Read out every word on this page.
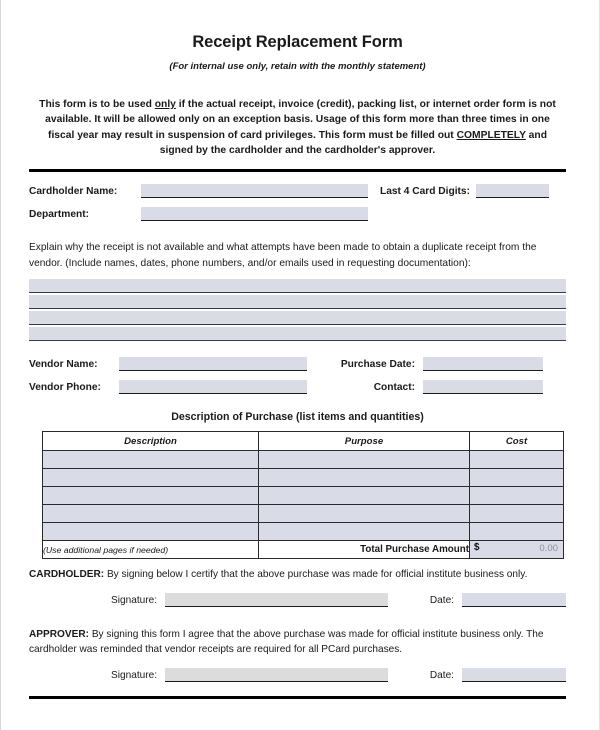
Receipt Replacement Form
(For internal use only, retain with the monthly statement)
This form is to be used only if the actual receipt, invoice (credit), packing list, or internet order form is not available. It will be allowed only on an exception basis. Usage of this form more than three times in one fiscal year may result in suspension of card privileges. This form must be filled out COMPLETELY and signed by the cardholder and the cardholder's approver.
Cardholder Name:	Last 4 Card Digits:
Department:
Explain why the receipt is not available and what attempts have been made to obtain a duplicate receipt from the vendor. (Include names, dates, phone numbers, and/or emails used in requesting documentation):
Vendor Name:	Purchase Date:
Vendor Phone:	Contact:
Description of Purchase (list items and quantities)
Description	Purpose	Cost

(Use additional pages if needed)	Total Purchase Amount	$ 0.00
CARDHOLDER: By signing below I certify that the above purchase was made for official institute business only.
Signature:	Date:
APPROVER: By signing this form I agree that the above purchase was made for official institute business only. The cardholder was reminded that vendor receipts are required for all PCard purchases.
Signature:	Date:
